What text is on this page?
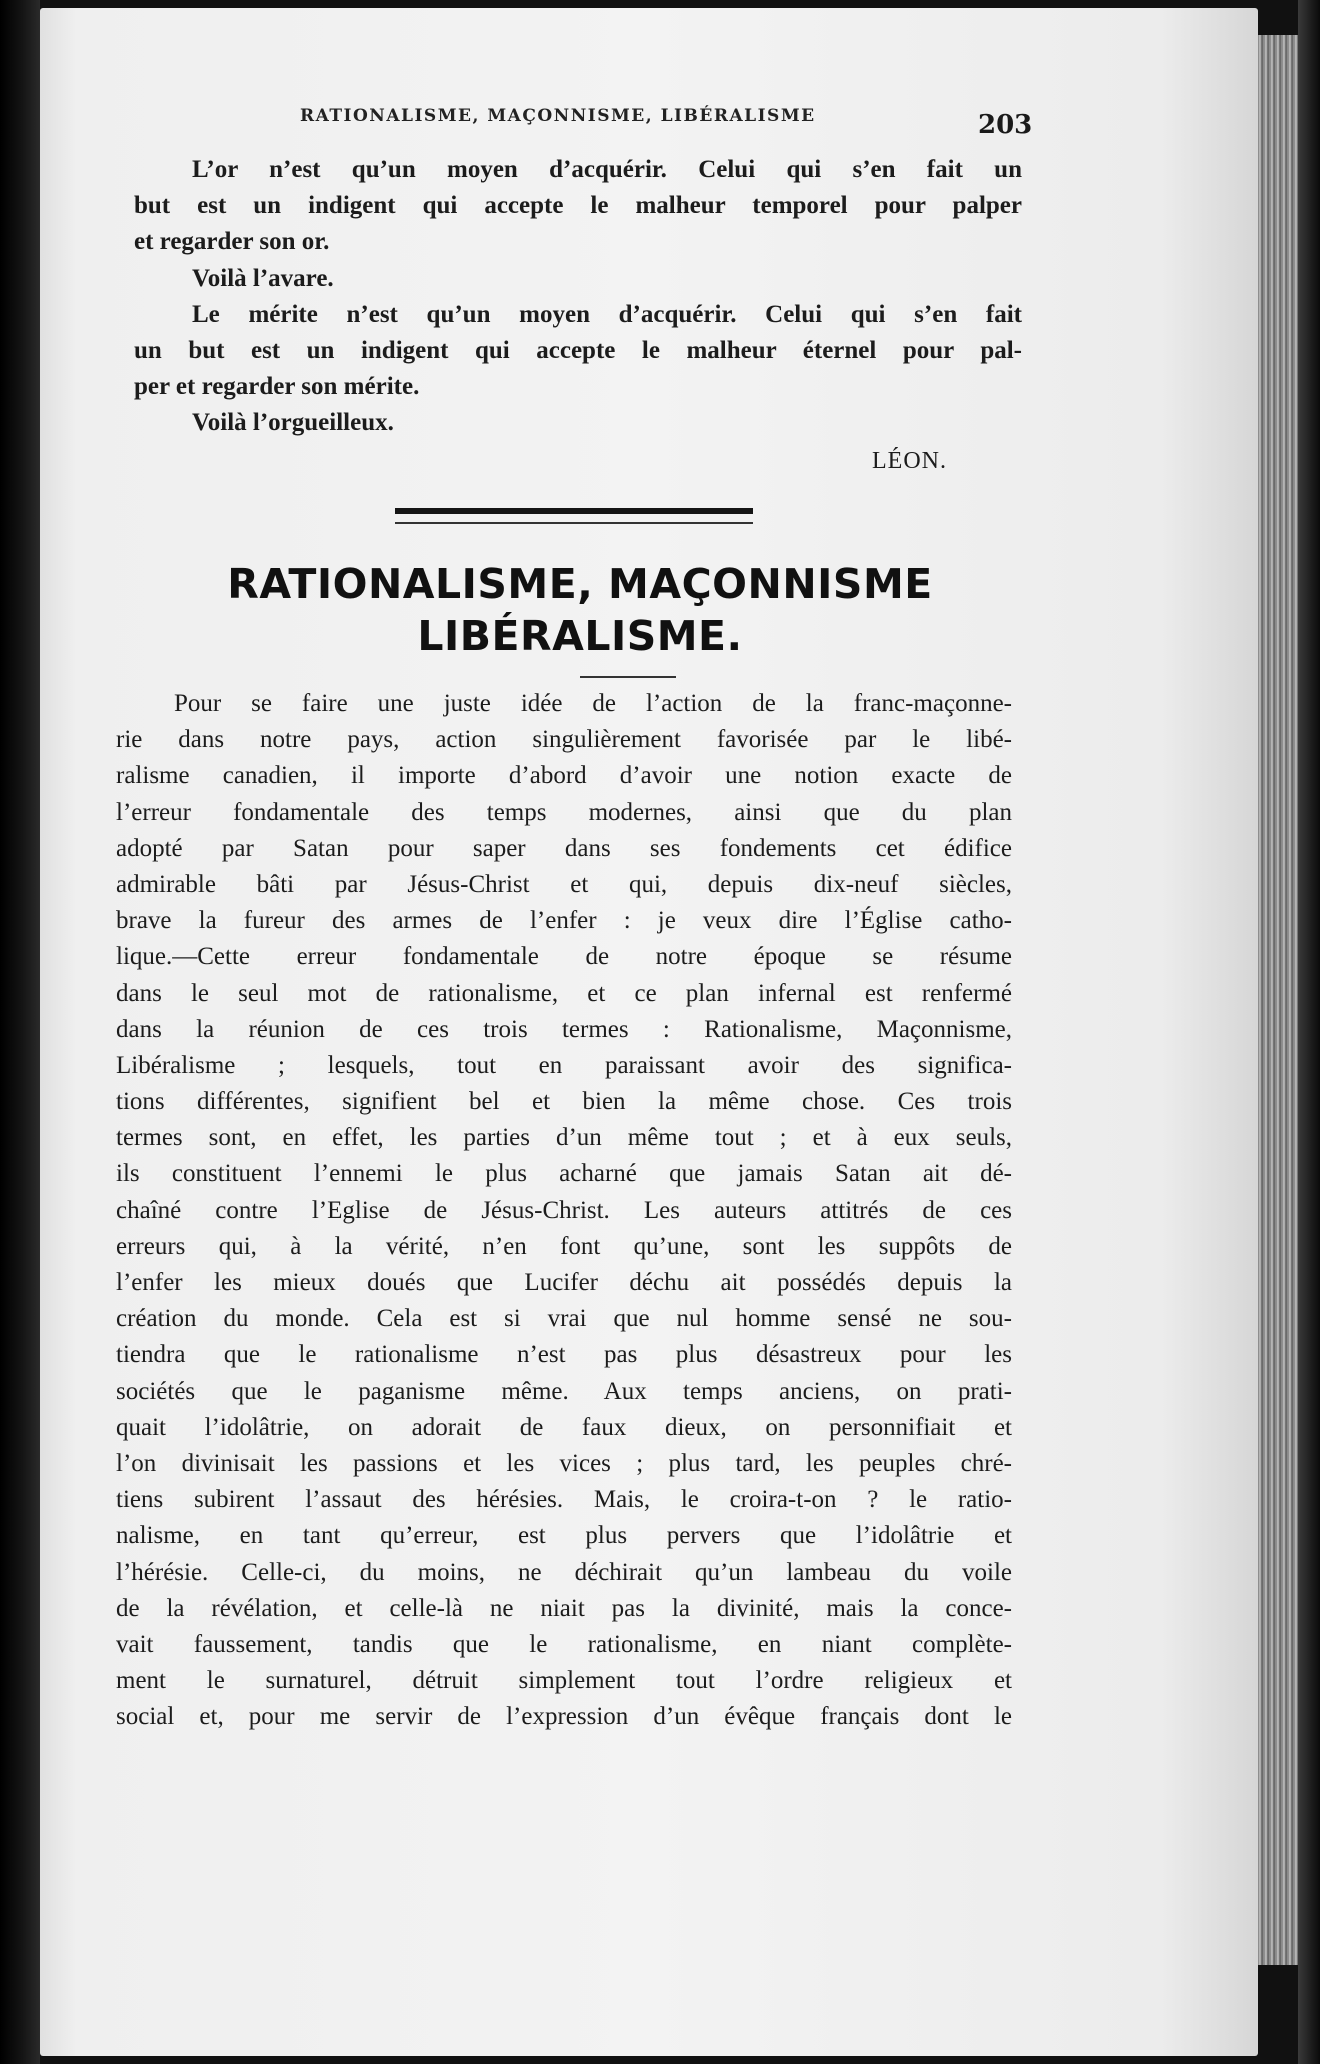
RATIONALISME, MAÇONNISME, LIBÉRALISME	203
L’or n’est qu’un moyen d’acquérir. Celui qui s’en fait un
but est un indigent qui accepte le malheur temporel pour palper
et regarder son or.
Voilà l’avare.
Le mérite n’est qu’un moyen d’acquérir. Celui qui s’en fait
un but est un indigent qui accepte le malheur éternel pour pal-
per et regarder son mérite.
Voilà l’orgueilleux.
LÉON.
RATIONALISME, MAÇONNISME
LIBÉRALISME.
Pour se faire une juste idée de l’action de la franc-maçonne-
rie dans notre pays, action singulièrement favorisée par le libé-
ralisme canadien, il importe d’abord d’avoir une notion exacte de
l’erreur fondamentale des temps modernes, ainsi que du plan
adopté par Satan pour saper dans ses fondements cet édifice
admirable bâti par Jésus-Christ et qui, depuis dix-neuf siècles,
brave la fureur des armes de l’enfer : je veux dire l’Église catho-
lique.—Cette erreur fondamentale de notre époque se résume
dans le seul mot de rationalisme, et ce plan infernal est renfermé
dans la réunion de ces trois termes : Rationalisme, Maçonnisme,
Libéralisme ; lesquels, tout en paraissant avoir des significa-
tions différentes, signifient bel et bien la même chose. Ces trois
termes sont, en effet, les parties d’un même tout ; et à eux seuls,
ils constituent l’ennemi le plus acharné que jamais Satan ait dé-
chaîné contre l’Eglise de Jésus-Christ. Les auteurs attitrés de ces
erreurs qui, à la vérité, n’en font qu’une, sont les suppôts de
l’enfer les mieux doués que Lucifer déchu ait possédés depuis la
création du monde. Cela est si vrai que nul homme sensé ne sou-
tiendra que le rationalisme n’est pas plus désastreux pour les
sociétés que le paganisme même. Aux temps anciens, on prati-
quait l’idolâtrie, on adorait de faux dieux, on personnifiait et
l’on divinisait les passions et les vices ; plus tard, les peuples chré-
tiens subirent l’assaut des hérésies. Mais, le croira-t-on ? le ratio-
nalisme, en tant qu’erreur, est plus pervers que l’idolâtrie et
l’hérésie. Celle-ci, du moins, ne déchirait qu’un lambeau du voile
de la révélation, et celle-là ne niait pas la divinité, mais la conce-
vait faussement, tandis que le rationalisme, en niant complète-
ment le surnaturel, détruit simplement tout l’ordre religieux et
social et, pour me servir de l’expression d’un évêque français dont le
